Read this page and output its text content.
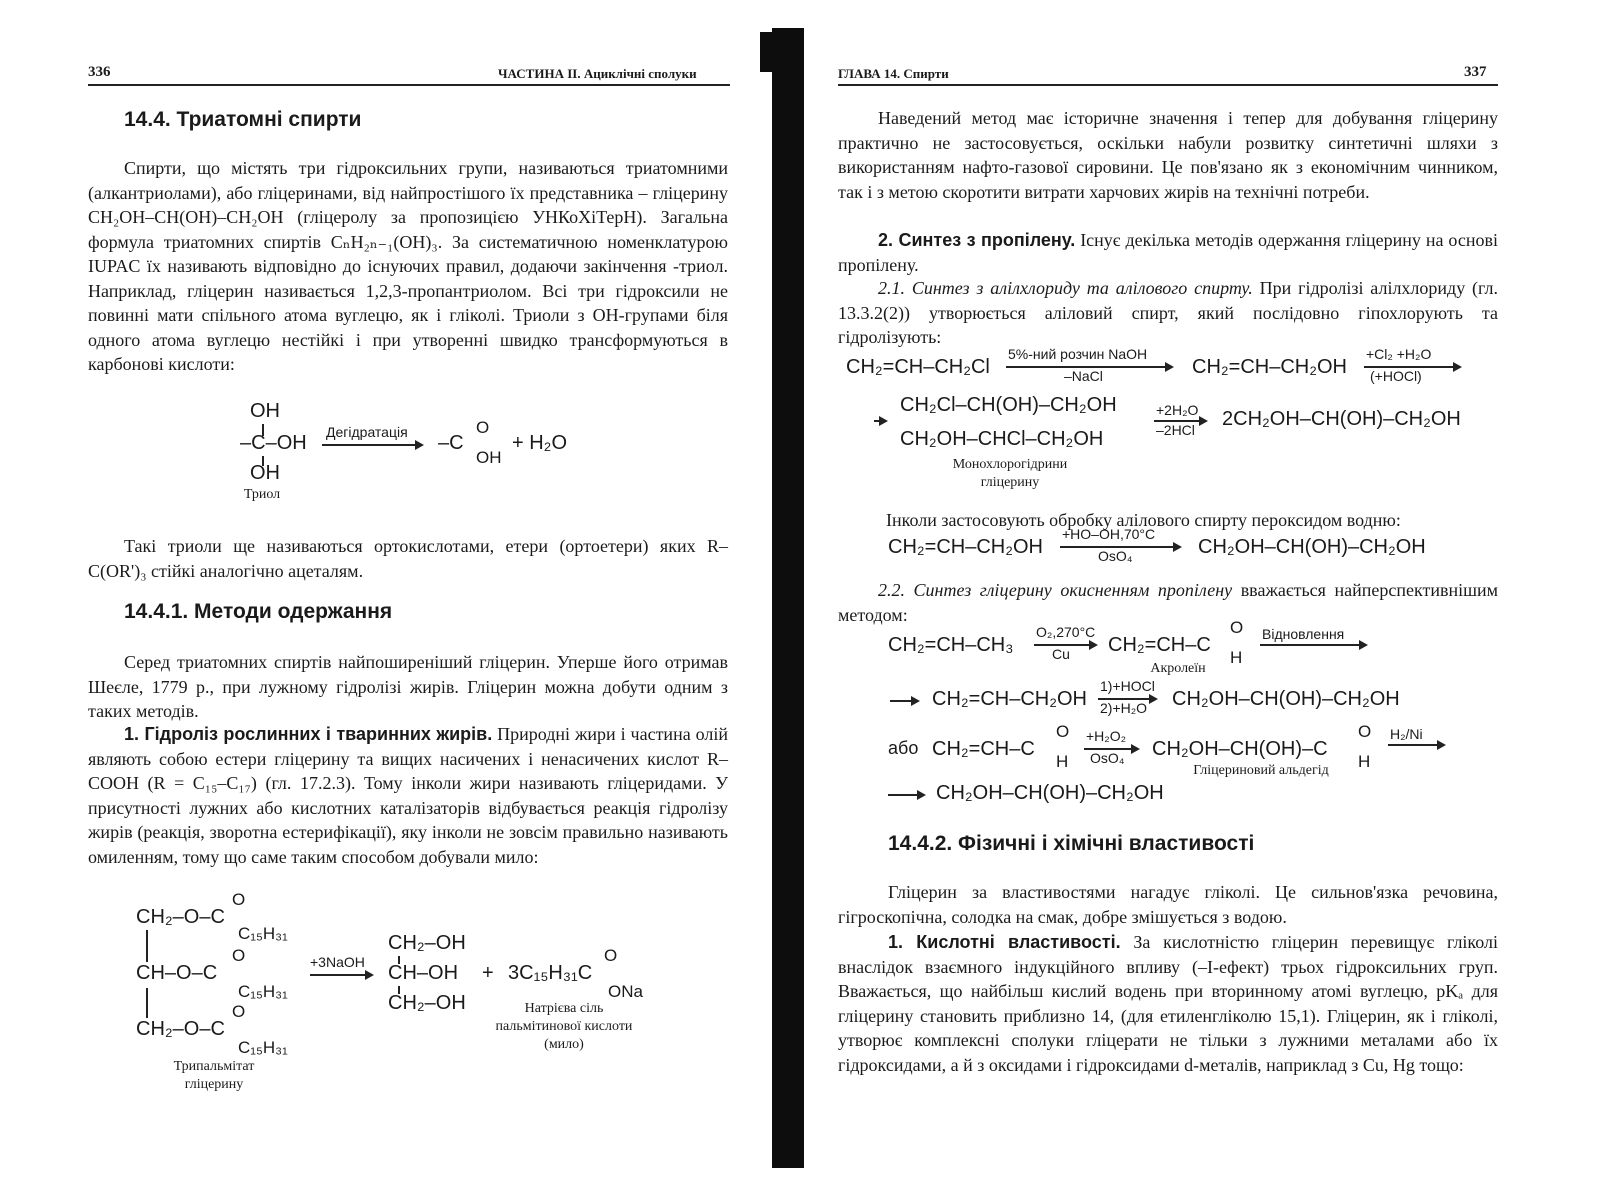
336	ЧАСТИНА II. Ациклічні сполуки
14.4. Триатомні спирти
Спирти, що містять три гідроксильних групи, називаються триатомними (алкантриолами), або гліцеринами, від найпростішого їх представника – гліцерину CH₂OH–CH(OH)–CH₂OH (гліцеролу за пропозицією УНКоХіТерН). Загальна формула триатомних спиртів CₙH₂ₙ₋₁(OH)₃. За систематичною номенклатурою IUPAC їх називають відповідно до існуючих правил, додаючи закінчення -триол. Наприклад, гліцерин називається 1,2,3-пропантриолом. Всі три гідроксили не повинні мати спільного атома вуглецю, як і гліколі. Триоли з OH-групами біля одного атома вуглецю нестійкі і при утворенні швидко трансформуються в карбонові кислоти:
OH
–C–OH
OH
Дегідратація –C
O
OH
+ H₂O
Триол
Такі триоли ще називаються ортокислотами, етери (ортоетери) яких R–C(OR')₃ стійкі аналогічно ацеталям.
14.4.1. Методи одержання
Серед триатомних спиртів найпоширеніший гліцерин. Уперше його отримав Шеєле, 1779 р., при лужному гідролізі жирів. Гліцерин можна добути одним з таких методів.
1. Гідроліз рослинних і тваринних жирів. Природні жири і частина олій являють собою естери гліцерину та вищих насичених і ненасичених кислот R–COOH (R = C₁₅–C₁₇) (гл. 17.2.3). Тому інколи жири називають гліцеридами. У присутності лужних або кислотних каталізаторів відбувається реакція гідролізу жирів (реакція, зворотна естерифікації), яку інколи не зовсім правильно називають омиленням, тому що саме таким способом добували мило:
CH₂–O–C
O
C₁₅H₃₁
CH–O–C
O
C₁₅H₃₁
CH₂–O–C
O
C₁₅H₃₁
+3NaOH
CH₂–OH
CH–OH
CH₂–OH
+ 3C₁₅H₃₁C
O
ONa
Трипальмітат гліцерину
Натрієва сіль пальмітинової кислоти (мило)
ГЛАВА 14. Спирти	337
Наведений метод має історичне значення і тепер для добування гліцерину практично не застосовується, оскільки набули розвитку синтетичні шляхи з використанням нафто-газової сировини. Це пов'язано як з економічним чинником, так і з метою скоротити витрати харчових жирів на технічні потреби.
2. Синтез з пропілену. Існує декілька методів одержання гліцерину на основі пропілену.
2.1. Синтез з алілхлориду та алілового спирту. При гідролізі алілхлориду (гл. 13.3.2(2)) утворюється аліловий спирт, який послідовно гіпохлорують та гідролізують:
CH₂=CH–CH₂Cl
5%-ний розчин NaOH
–NaCl	CH₂=CH–CH₂OH
+Cl₂ +H₂O
(+HOCl)
CH₂Cl–CH(OH)–CH₂OH
CH₂OH–CHCl–CH₂OH
+2H₂O
–2HCl 2CH₂OH–CH(OH)–CH₂OH
Монохлорогідрини гліцерину
Інколи застосовують обробку алілового спирту пероксидом водню:
CH₂=CH–CH₂OH
+HO–OH,70°C
OsO₄	CH₂OH–CH(OH)–CH₂OH
2.2. Синтез гліцерину окисненням пропілену вважається найперспективнішим методом:
CH₂=CH–CH₃
O₂,270°C
Cu CH₂=CH–C
O
H
Акролеїн
Відновлення
→ CH₂=CH–CH₂OH
1)+HOCl
2)+H₂O CH₂OH–CH(OH)–CH₂OH
або CH₂=CH–C
O
H
+H₂O₂
OsO₄ CH₂OH–CH(OH)–C
O
H
H₂/Ni
Гліцериновий альдегід
→ CH₂OH–CH(OH)–CH₂OH
14.4.2. Фізичні і хімічні властивості
Гліцерин за властивостями нагадує гліколі. Це сильнов'язка речовина, гігроскопічна, солодка на смак, добре змішується з водою.
1. Кислотні властивості. За кислотністю гліцерин перевищує гліколі внаслідок взаємного індукційного впливу (–I-ефект) трьох гідроксильних груп. Вважається, що найбільш кислий водень при вторинному атомі вуглецю, pKₐ для гліцерину становить приблизно 14, (для етиленгліколю 15,1). Гліцерин, як і гліколі, утворює комплексні сполуки гліцерати не тільки з лужними металами або їх гідроксидами, а й з оксидами і гідроксидами d-металів, наприклад з Cu, Hg тощо:
